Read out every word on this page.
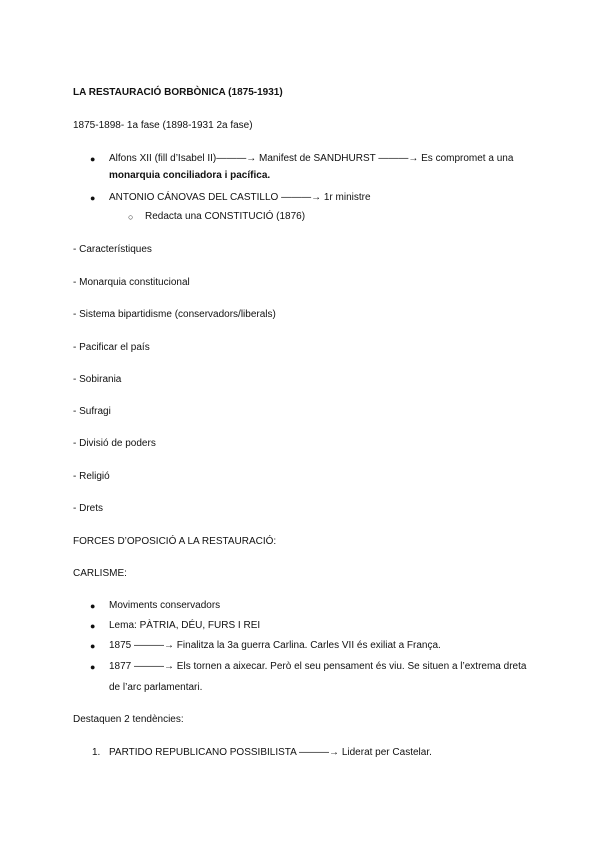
LA RESTAURACIÓ BORBÒNICA (1875-1931)
1875-1898- 1a fase (1898-1931 2a fase)
● Alfons XII (fill d’Isabel II)———→ Manifest de SANDHURST ———→ Es compromet a una
monarquia conciliadora i pacífica.
● ANTONIO CÁNOVAS DEL CASTILLO ———→ 1r ministre
○ Redacta una CONSTITUCIÓ (1876)
- Característiques
- Monarquia constitucional
- Sistema bipartidisme (conservadors/liberals)
- Pacificar el país
- Sobirania
- Sufragi
- Divisió de poders
- Religió
- Drets
FORCES D’OPOSICIÓ A LA RESTAURACIÓ:
CARLISME:
● Moviments conservadors
● Lema: PÀTRIA, DÉU, FURS I REI
● 1875 ———→ Finalitza la 3a guerra Carlina. Carles VII és exiliat a França.
● 1877 ———→ Els tornen a aixecar. Però el seu pensament és viu. Se situen a l’extrema dreta
de l’arc parlamentari.
Destaquen 2 tendències:
1. PARTIDO REPUBLICANO POSSIBILISTA ———→ Liderat per Castelar.
